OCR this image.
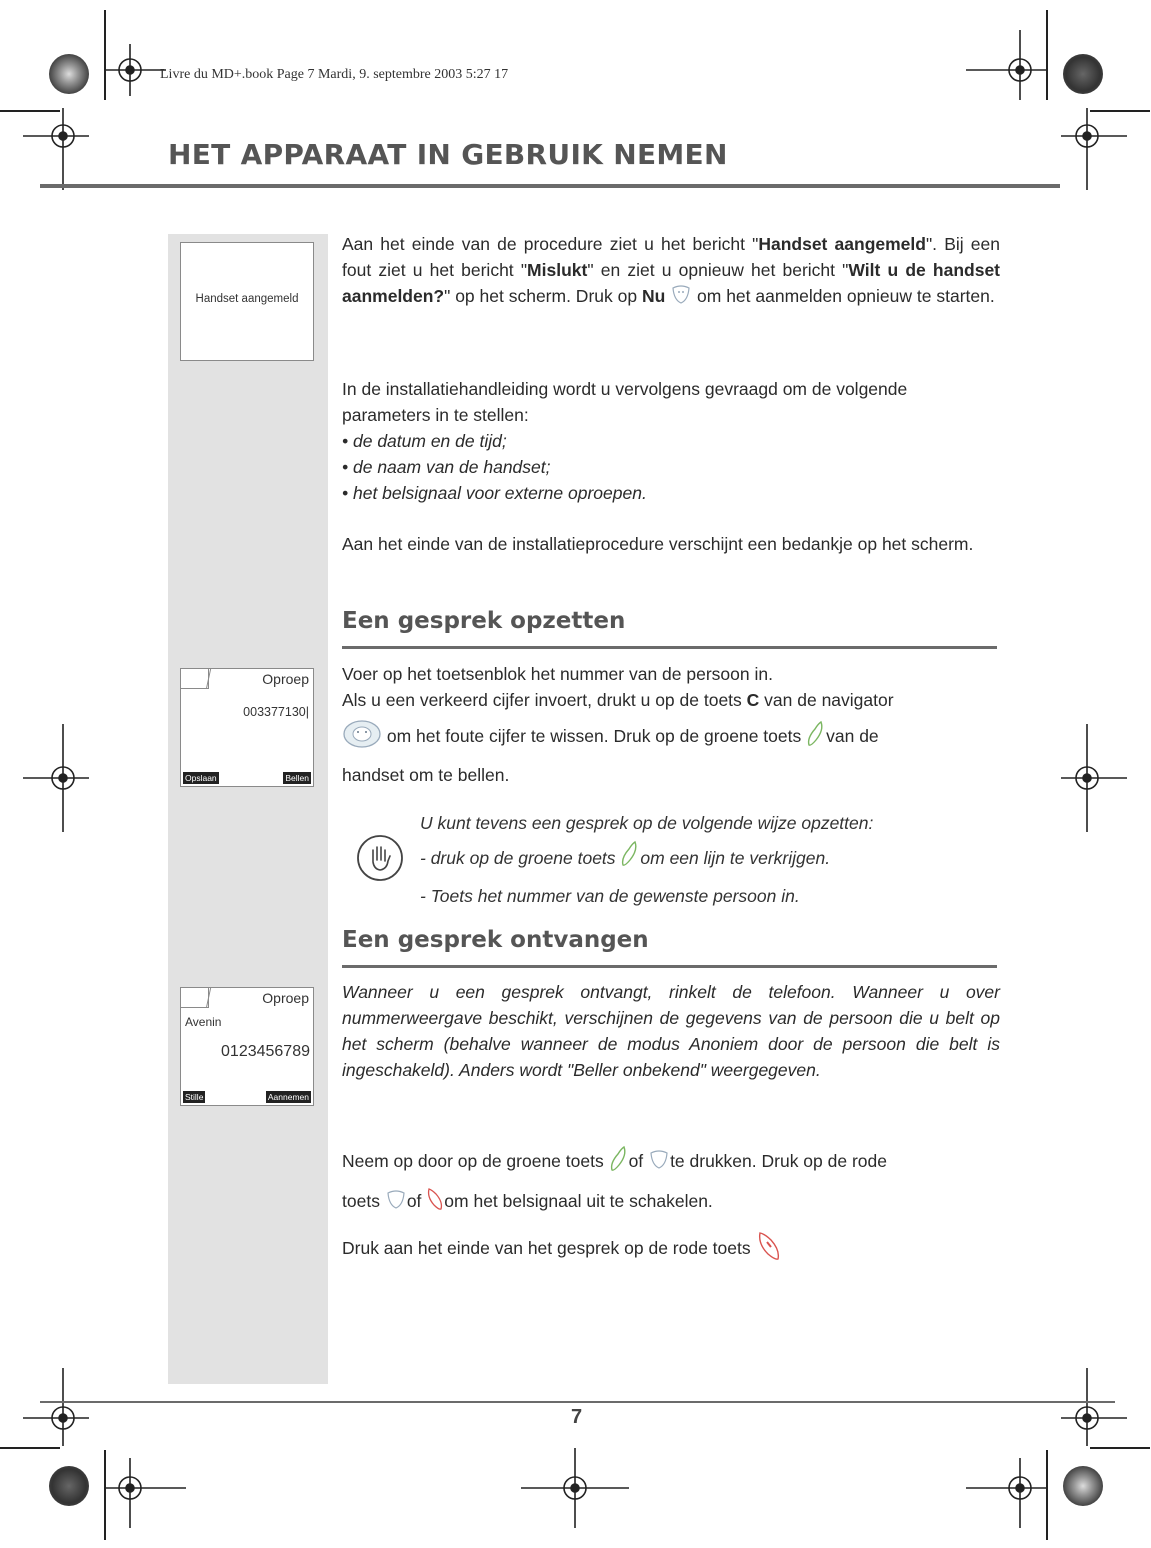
Livre du MD+.book Page 7 Mardi, 9. septembre 2003 5:27 17
HET APPARAAT IN GEBRUIK NEMEN
Handset aangemeld
Oproep
003377130|
Opslaan	Bellen
Oproep
Avenin
0123456789
Stille	Aannemen
Aan het einde van de procedure ziet u het bericht "Handset aangemeld". Bij een fout ziet u het bericht "Mislukt" en ziet u opnieuw het bericht "Wilt u de handset aanmelden?" op het scherm. Druk op Nu  om het aanmelden opnieuw te starten.

In de installatiehandleiding wordt u vervolgens gevraagd om de volgende parameters in te stellen:

• de datum en de tijd;
• de naam van de handset;
• het belsignaal voor externe oproepen.
Aan het einde van de installatieprocedure verschijnt een bedankje op het scherm.
Een gesprek opzetten
Voer op het toetsenblok het nummer van de persoon in.
Als u een verkeerd cijfer invoert, drukt u op de toets C van de navigator
om het foute cijfer te wissen. Druk op de groene toets van de
handset om te bellen.
U kunt tevens een gesprek op de volgende wijze opzetten:
- druk op de groene toets om een lijn te verkrijgen.
- Toets het nummer van de gewenste persoon in.
Een gesprek ontvangen
Wanneer u een gesprek ontvangt, rinkelt de telefoon. Wanneer u over nummerweergave beschikt, verschijnen de gegevens van de persoon die u belt op het scherm (behalve wanneer de modus Anoniem door de persoon die belt is ingeschakeld). Anders wordt "Beller onbekend" weergegeven.
Neem op door op de groene toets of te drukken. Druk op de rode
toets of om het belsignaal uit te schakelen.
Druk aan het einde van het gesprek op de rode toets
7
